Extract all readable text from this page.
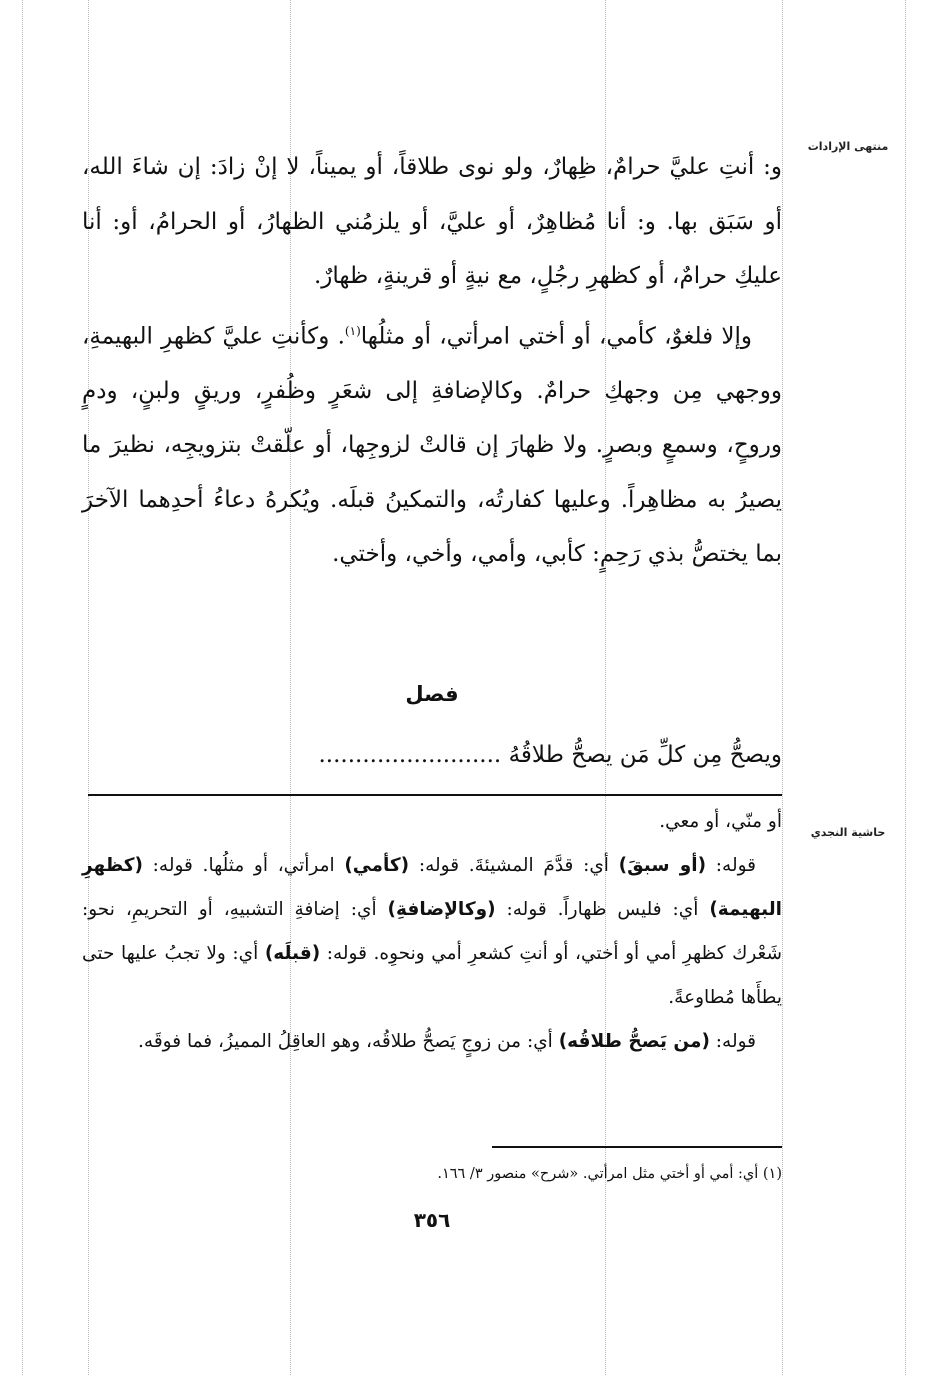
منتهى الإرادات
حاشية النجدي

و: أنتِ عليَّ حرامٌ، ظِهارٌ، ولو نوى طلاقاً، أو يميناً، لا إنْ زادَ: إن شاءَ الله، أو سَبَق بها. و: أنا مُظاهِرٌ، أو عليَّ، أو يلزمُني الظهارُ، أو الحرامُ، أو: أنا عليكِ حرامٌ، أو كظهرِ رجُلٍ، مع نيةٍ أو قرينةٍ، ظهارٌ.

وإلا فلغوٌ، كأمي، أو أختي امرأتي، أو مثلُها$^{(١)}$. وكأنتِ عليَّ كظهرِ البهيمةِ، ووجهي مِن وجهكِ حرامٌ. وكالإضافةِ إلى شعَرٍ وظُفرٍ، وريقٍ ولبنٍ، ودمٍ وروحٍ، وسمعٍ وبصرٍ. ولا ظهارَ إن قالتْ لزوجِها، أو علّقتْ بتزويجِه، نظيرَ ما يصيرُ به مظاهِراً. وعليها كفارتُه، والتمكينُ قبلَه. ويُكرهُ دعاءُ أحدِهما الآخرَ بما يختصُّ بذي رَحِمٍ: كأبي، وأمي، وأخي، وأختي.

فصل
ويصحُّ مِن كلِّ مَن يصحُّ طلاقُهُ .........................

أو منّي، أو معي.

قوله: (أو سبقَ) أي: قدَّمَ المشيئةَ. قوله: (كأمي) امرأتي، أو مثلُها. قوله: (كظهرِ البهيمة) أي: فليس ظهاراً. قوله: (وكالإضافةِ) أي: إضافةِ التشبيهِ، أو التحريمِ، نحو: شَعْرك كظهرِ أمي أو أختي، أو أنتِ كشعرِ أمي ونحوِه. قوله: (قبلَه) أي: ولا تجبُ عليها حتى يطأَها مُطاوعةً.

قوله: (من يَصحُّ طلاقُه) أي: من زوجٍ يَصحُّ طلاقُه، وهو العاقِلُ المميزُ، فما فوقَه.

(١) أي: أمي أو أختي مثل امرأتي. «شرح» منصور ٣/ ١٦٦.
٣٥٦
